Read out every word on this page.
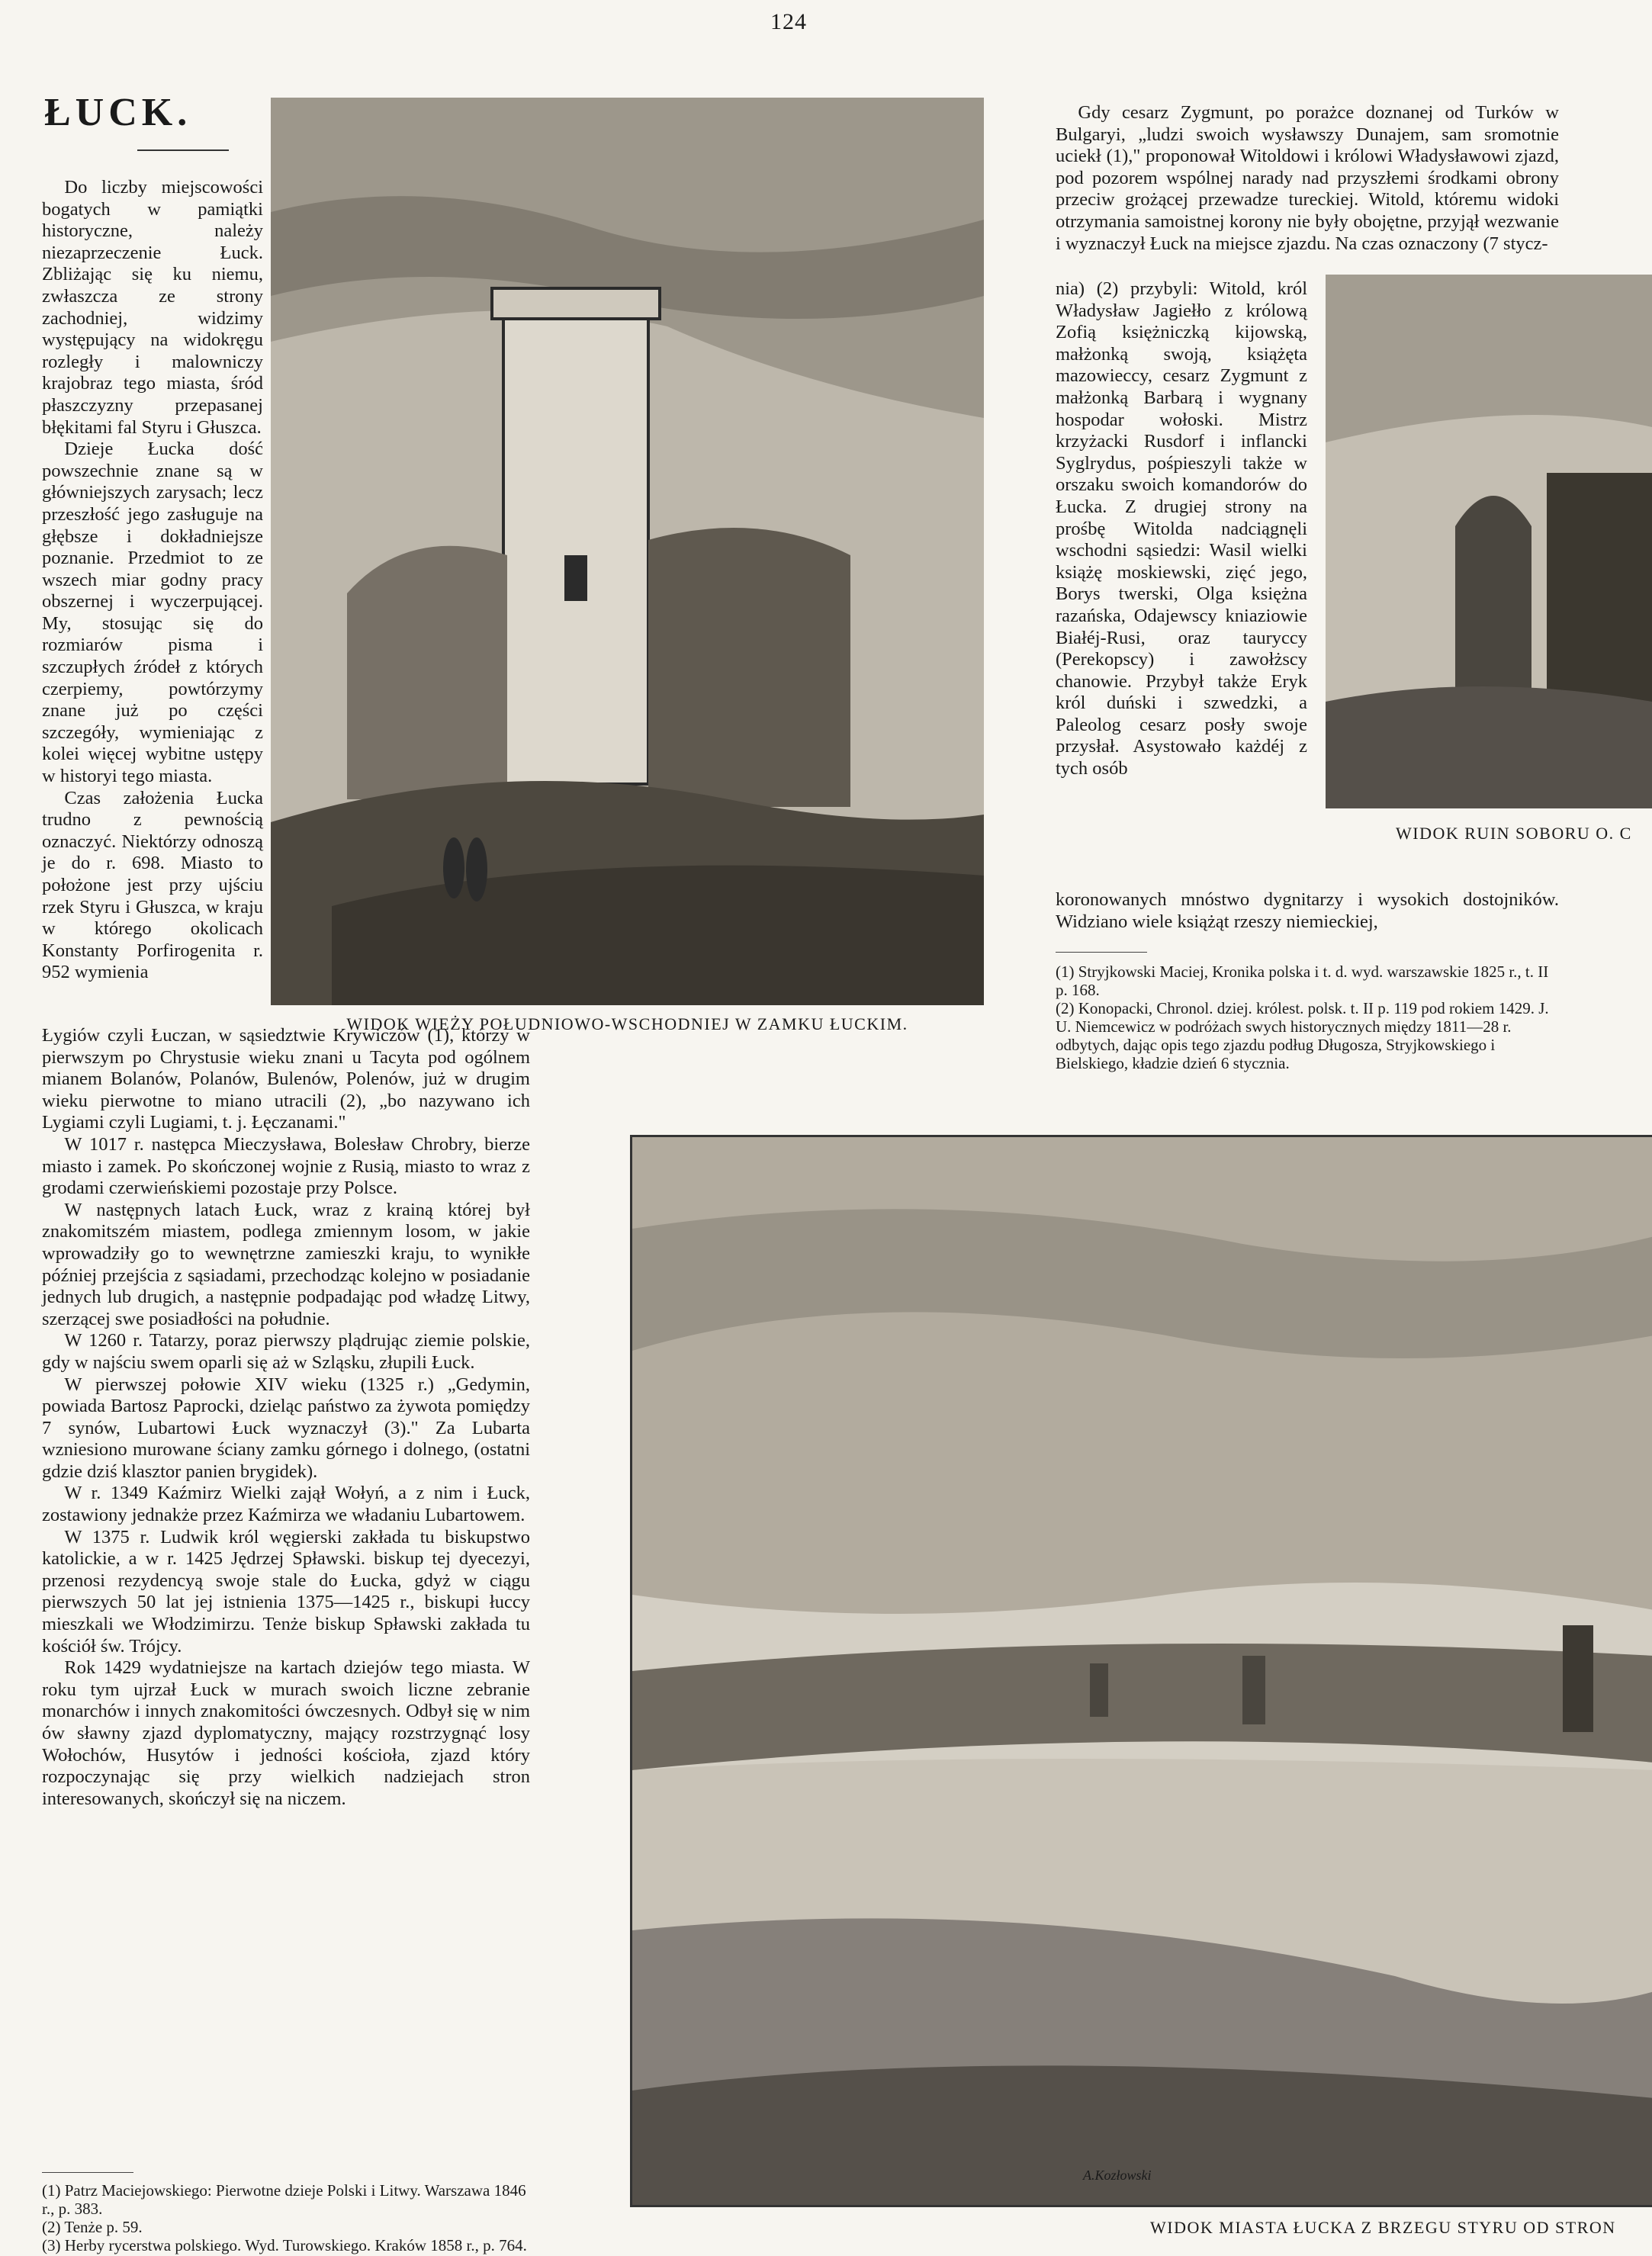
124
ŁUCK.

Do liczby miejscowości bogatych w pamiątki historyczne, należy niezaprzeczenie Łuck. Zbliżając się ku niemu, zwłaszcza ze strony zachodniej, widzimy występujący na widokręgu rozległy i malowniczy krajobraz tego miasta, śród płaszczyzny przepasanej błękitami fal Styru i Głuszca.

Dzieje Łucka dość powszechnie znane są w główniejszych zarysach; lecz przeszłość jego zasługuje na głębsze i dokładniejsze poznanie. Przedmiot to ze wszech miar godny pracy obszernej i wyczerpującej. My, stosując się do rozmiarów pisma i szczupłych źródeł z których czerpiemy, powtórzymy znane już po części szczegóły, wymieniając z kolei więcej wybitne ustępy w historyi tego miasta.

Czas założenia Łucka trudno z pewnością oznaczyć. Niektórzy odnoszą je do r. 698. Miasto to położone jest przy ujściu rzek Styru i Głuszca, w kraju w którego okolicach Konstanty Porfirogenita r. 952 wymienia

WIDOK WIEŻY POŁUDNIOWO-WSCHODNIEJ W ZAMKU ŁUCKIM.

Łygiów czyli Łuczan, w sąsiedztwie Krywiczów (1), którzy w pierwszym po Chrystusie wieku znani u Tacyta pod ogólnem mianem Bolanów, Polanów, Bulenów, Polenów, już w drugim wieku pierwotne to miano utracili (2), „bo nazywano ich Lygiami czyli Lugiami, t. j. Łęczanami."

W 1017 r. następca Mieczysława, Bolesław Chrobry, bierze miasto i zamek. Po skończonej wojnie z Rusią, miasto to wraz z grodami czerwieńskiemi pozostaje przy Polsce.

W następnych latach Łuck, wraz z krainą której był znakomitszém miastem, podlega zmiennym losom, w jakie wprowadziły go to wewnętrzne zamieszki kraju, to wynikłe później przejścia z sąsiadami, przechodząc kolejno w posiadanie jednych lub drugich, a następnie podpadając pod władzę Litwy, szerzącej swe posiadłości na południe.

W 1260 r. Tatarzy, poraz pierwszy plądrując ziemie polskie, gdy w najściu swem oparli się aż w Szląsku, złupili Łuck.

W pierwszej połowie XIV wieku (1325 r.) „Gedymin, powiada Bartosz Paprocki, dzieląc państwo za żywota pomiędzy 7 synów, Lubartowi Łuck wyznaczył (3)." Za Lubarta wzniesiono murowane ściany zamku górnego i dolnego, (ostatni gdzie dziś klasztor panien brygidek).

W r. 1349 Kaźmirz Wielki zajął Wołyń, a z nim i Łuck, zostawiony jednakże przez Kaźmirza we władaniu Lubartowem.

W 1375 r. Ludwik król węgierski zakłada tu biskupstwo katolickie, a w r. 1425 Jędrzej Spławski. biskup tej dyecezyi, przenosi rezydencyą swoje stale do Łucka, gdyż w ciągu pierwszych 50 lat jej istnienia 1375—1425 r., biskupi łuccy mieszkali we Włodzimirzu. Tenże biskup Spławski zakłada tu kościół św. Trójcy.

Rok 1429 wydatniejsze na kartach dziejów tego miasta. W roku tym ujrzał Łuck w murach swoich liczne zebranie monarchów i innych znakomitości ówczesnych. Odbył się w nim ów sławny zjazd dyplomatyczny, mający rozstrzygnąć losy Wołochów, Husytów i jedności kościoła, zjazd który rozpoczynając się przy wielkich nadziejach stron interesowanych, skończył się na niczem.

(1) Patrz Maciejowskiego: Pierwotne dzieje Polski i Litwy. Warszawa 1846 r., p. 383.

(2) Tenże p. 59.

(3) Herby rycerstwa polskiego. Wyd. Turowskiego. Kraków 1858 r., p. 764.

Gdy cesarz Zygmunt, po porażce doznanej od Turków w Bulgaryi, „ludzi swoich wysławszy Dunajem, sam sromotnie uciekł (1)," proponował Witoldowi i królowi Władysławowi zjazd, pod pozorem wspólnej narady nad przyszłemi środkami obrony przeciw grożącej przewadze tureckiej. Witold, któremu widoki otrzymania samoistnej korony nie były obojętne, przyjął wezwanie i wyznaczył Łuck na miejsce zjazdu. Na czas oznaczony (7 stycz-

nia) (2) przybyli: Witold, król Władysław Jagiełło z królową Zofią księżniczką kijowską, małżonką swoją, książęta mazowieccy, cesarz Zygmunt z małżonką Barbarą i wygnany hospodar wołoski. Mistrz krzyżacki Rusdorf i inflancki Syglrydus, pośpieszyli także w orszaku swoich komandorów do Łucka. Z drugiej strony na prośbę Witolda nadciągnęli wschodni sąsiedzi: Wasil wielki książę moskiewski, zięć jego, Borys twerski, Olga księżna razańska, Odajewscy kniaziowie Białéj-Rusi, oraz tauryccy (Perekopscy) i zawołżscy chanowie. Przybył także Eryk król duński i szwedzki, a Paleolog cesarz posły swoje przysłał. Asystowało każdéj z tych osób

koronowanych mnóstwo dygnitarzy i wysokich dostojników. Widziano wiele książąt rzeszy niemieckiej,

WIDOK RUIN SOBORU O. C

(1) Stryjkowski Maciej, Kronika polska i t. d. wyd. warszawskie 1825 r., t. II p. 168.

(2) Konopacki, Chronol. dziej. królest. polsk. t. II p. 119 pod rokiem 1429. J. U. Niemcewicz w podróżach swych historycznych między 1811—28 r. odbytych, dając opis tego zjazdu podług Długosza, Stryjkowskiego i Bielskiego, kładzie dzień 6 stycznia.

A.Kozłowski
WIDOK MIASTA ŁUCKA Z BRZEGU STYRU OD STRON
